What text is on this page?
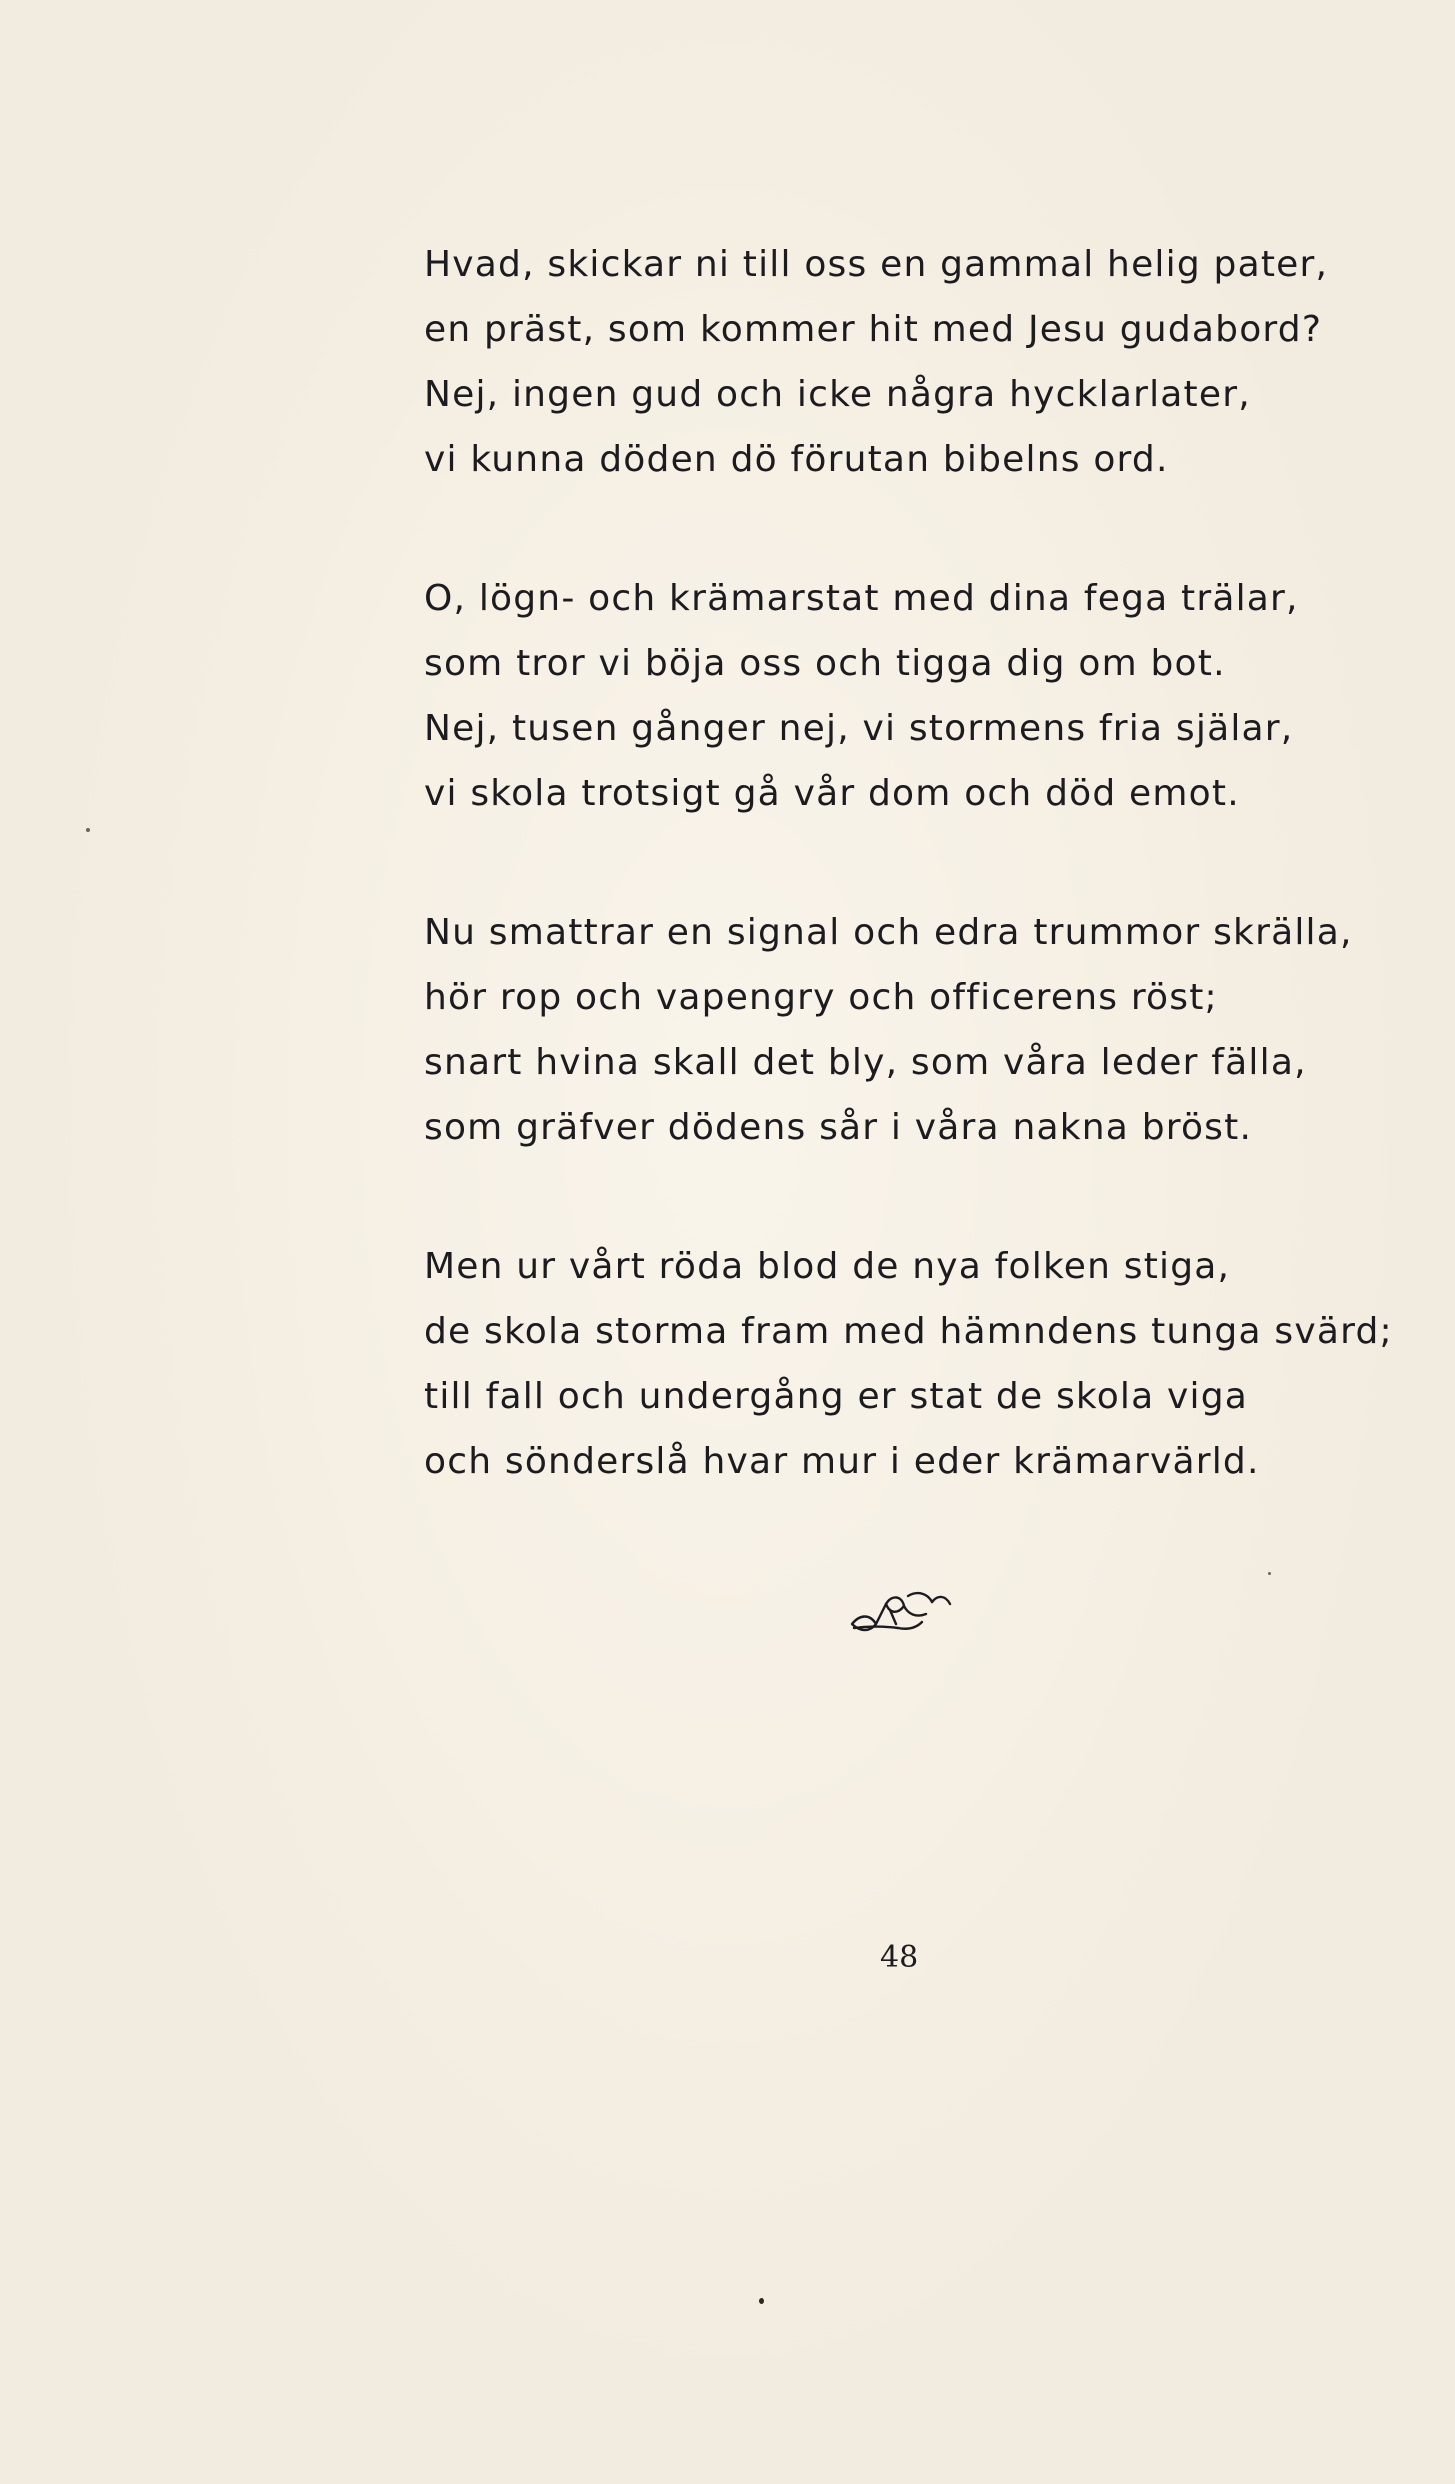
Hvad, skickar ni till oss en gammal helig pater,
en präst, som kommer hit med Jesu gudabord?
Nej, ingen gud och icke några hycklarlater,
vi kunna döden dö förutan bibelns ord.
O, lögn- och krämarstat med dina fega trälar,
som tror vi böja oss och tigga dig om bot.
Nej, tusen gånger nej, vi stormens fria själar,
vi skola trotsigt gå vår dom och död emot.
Nu smattrar en signal och edra trummor skrälla,
hör rop och vapengry och officerens röst;
snart hvina skall det bly, som våra leder fälla,
som gräfver dödens sår i våra nakna bröst.
Men ur vårt röda blod de nya folken stiga,
de skola storma fram med hämndens tunga svärd;
till fall och undergång er stat de skola viga
och sönderslå hvar mur i eder krämarvärld.
48
